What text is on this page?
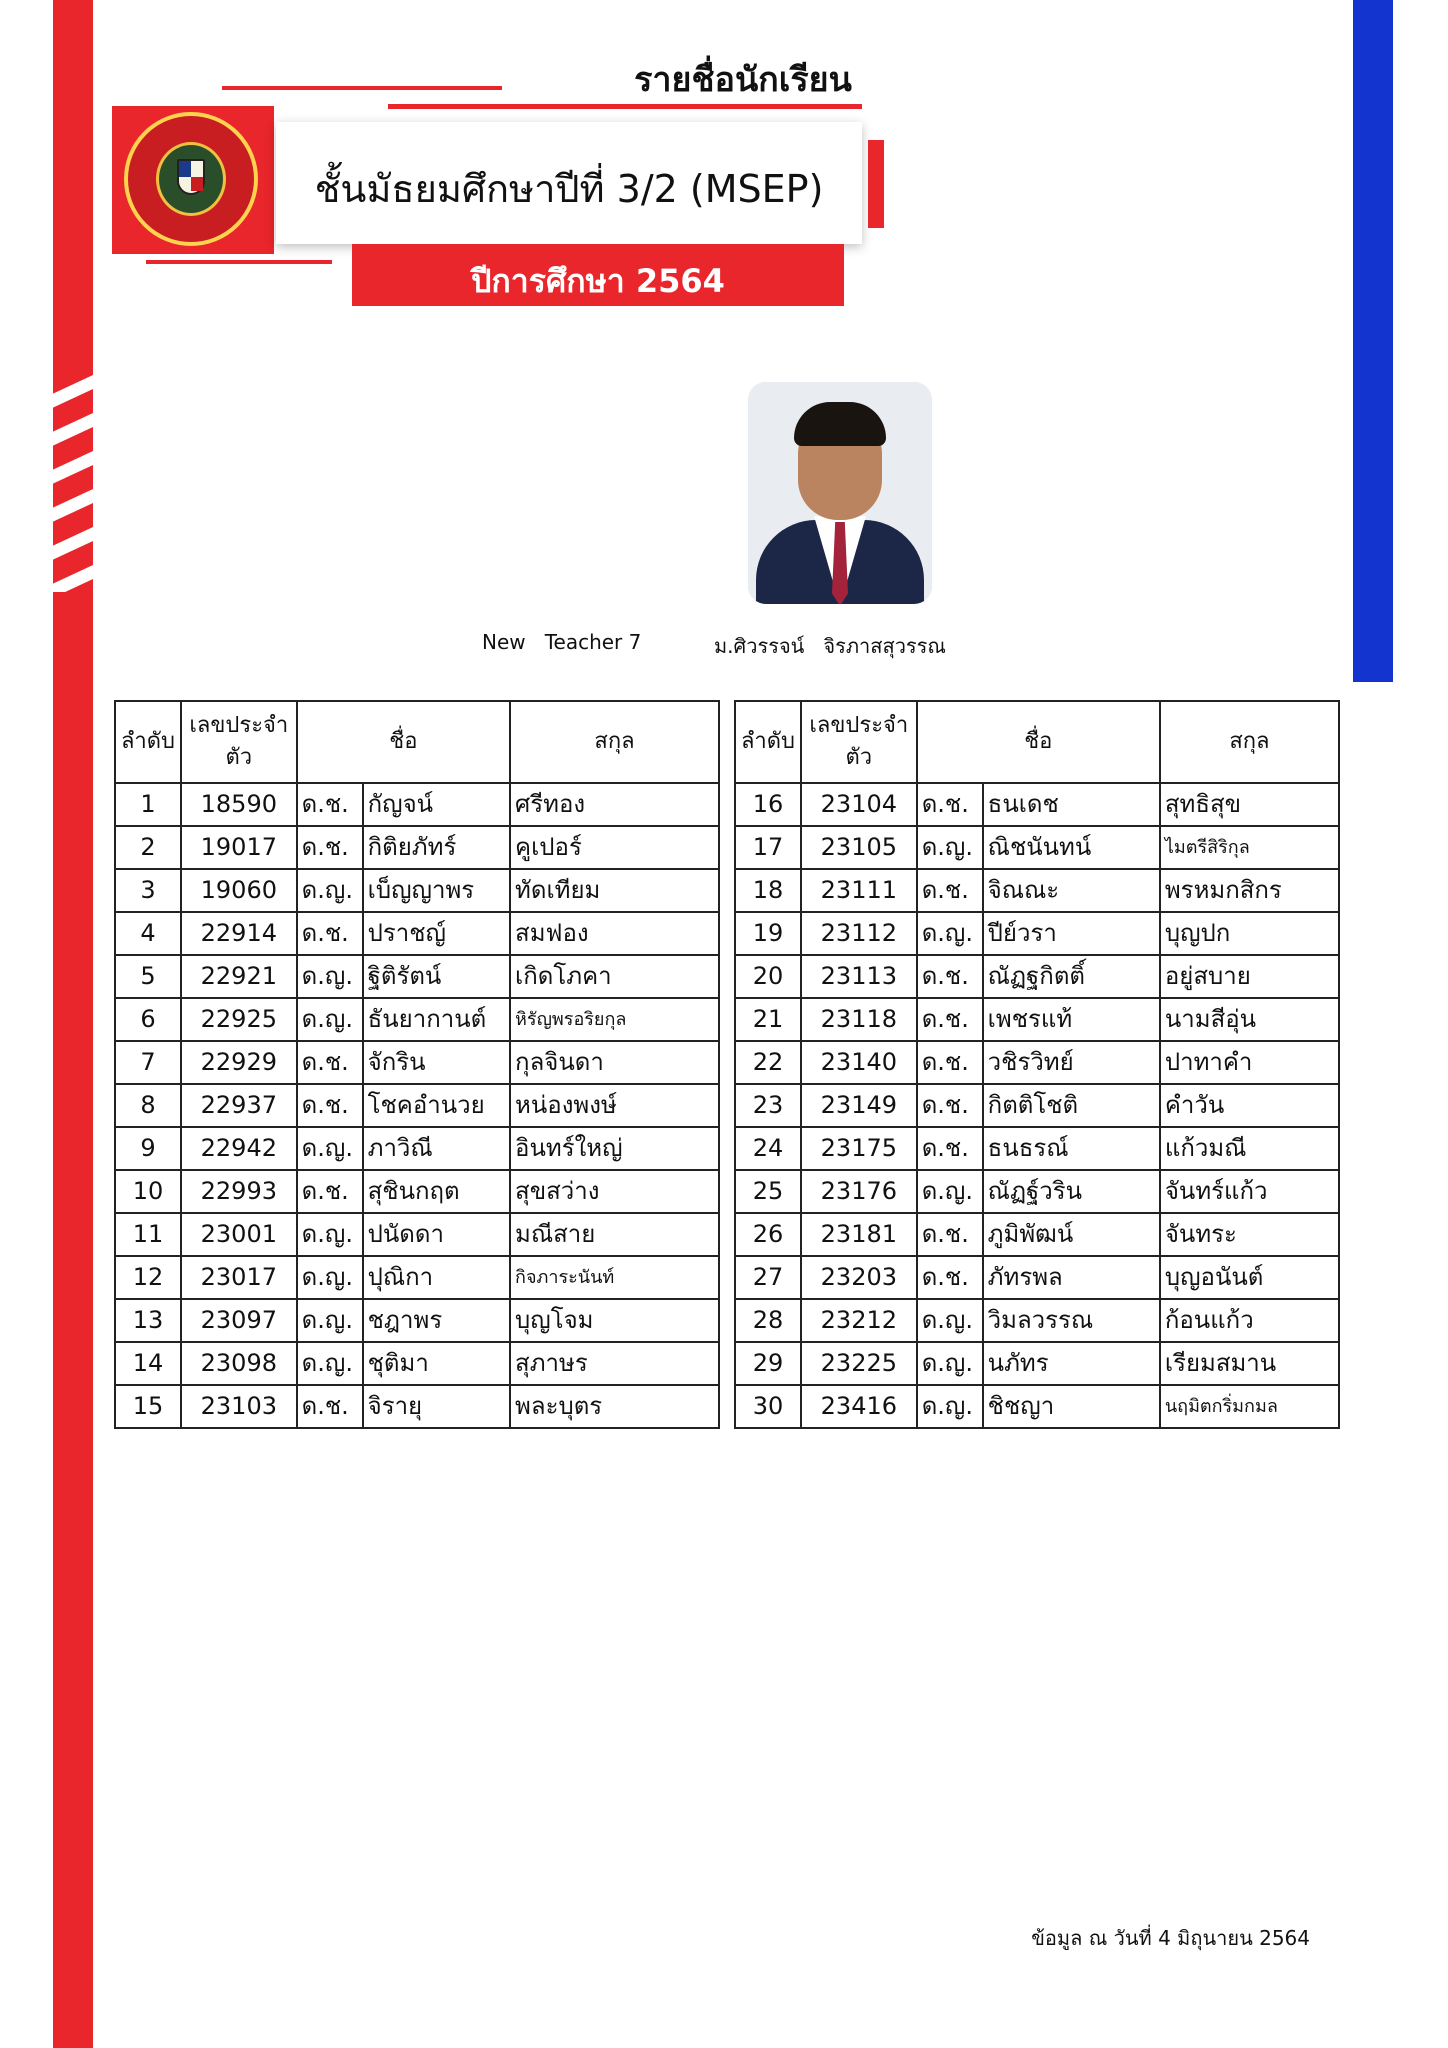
รายชื่อนักเรียน
ชั้นมัธยมศึกษาปีที่ 3/2 (MSEP)
ปีการศึกษา 2564
New   Teacher 7	ม.ศิวรรจน์   จิรภาสสุวรรณ
ลำดับ	เลขประจำตัว	ชื่อ		สกุล
1	18590	ด.ช.	กัญจน์	ศรีทอง
2	19017	ด.ช.	กิติยภัทร์	คูเปอร์
3	19060	ด.ญ.	เบ็ญญาพร	ทัดเทียม
4	22914	ด.ช.	ปราชญ์	สมฟอง
5	22921	ด.ญ.	ฐิติรัตน์	เกิดโภคา
6	22925	ด.ญ.	ธันยากานต์	หิรัญพรอริยกุล
7	22929	ด.ช.	จักริน	กุลจินดา
8	22937	ด.ช.	โชคอำนวย	หน่องพงษ์
9	22942	ด.ญ.	ภาวิณี	อินทร์ใหญ่
10	22993	ด.ช.	สุชินกฤต	สุขสว่าง
11	23001	ด.ญ.	ปนัดดา	มณีสาย
12	23017	ด.ญ.	ปุณิกา	กิจภาระนันท์
13	23097	ด.ญ.	ชฎาพร	บุญโจม
14	23098	ด.ญ.	ชุติมา	สุภาษร
15	23103	ด.ช.	จิรายุ	พละบุตร
ลำดับ	เลขประจำตัว	ชื่อ		สกุล
16	23104	ด.ช.	ธนเดช	สุทธิสุข
17	23105	ด.ญ.	ณิชนันทน์	ไมตรีสิริกุล
18	23111	ด.ช.	จิณณะ	พรหมกสิกร
19	23112	ด.ญ.	ปีย์วรา	บุญปก
20	23113	ด.ช.	ณัฏฐกิตติ์	อยู่สบาย
21	23118	ด.ช.	เพชรแท้	นามสีอุ่น
22	23140	ด.ช.	วชิรวิทย์	ปาทาคำ
23	23149	ด.ช.	กิตติโชติ	คำวัน
24	23175	ด.ช.	ธนธรณ์	แก้วมณี
25	23176	ด.ญ.	ณัฏฐ์วริน	จันทร์แก้ว
26	23181	ด.ช.	ภูมิพัฒน์	จันทระ
27	23203	ด.ช.	ภัทรพล	บุญอนันต์
28	23212	ด.ญ.	วิมลวรรณ	ก้อนแก้ว
29	23225	ด.ญ.	นภัทร	เรียมสมาน
30	23416	ด.ญ.	ชิชญา	นฤมิตกริ่มกมล
ข้อมูล ณ วันที่ 4 มิถุนายน 2564
